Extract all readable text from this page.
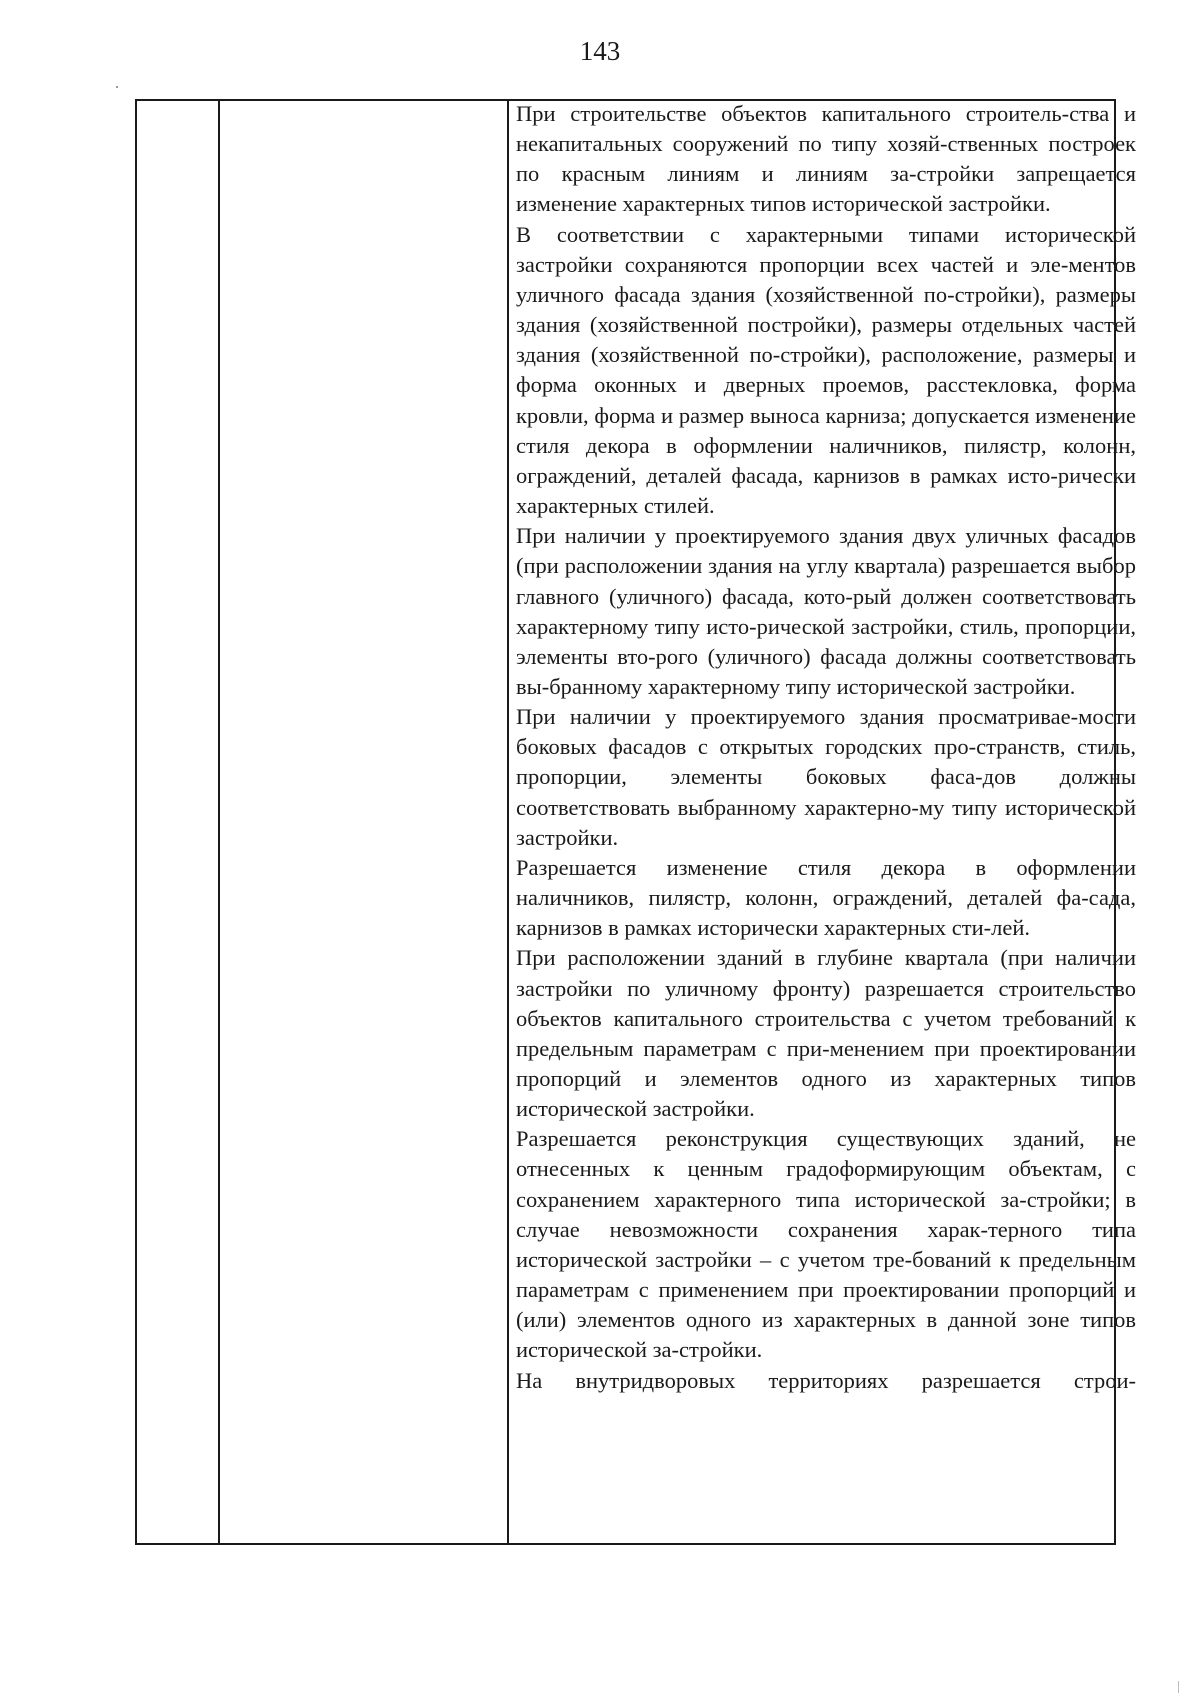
143

При строительстве объектов капитального строитель-ства и некапитальных сооружений по типу хозяй-ственных построек по красным линиям и линиям за-стройки запрещается изменение характерных типов исторической застройки.

В соответствии с характерными типами исторической застройки сохраняются пропорции всех частей и эле-ментов уличного фасада здания (хозяйственной по-стройки), размеры здания (хозяйственной постройки), размеры отдельных частей здания (хозяйственной по-стройки), расположение, размеры и форма оконных и дверных проемов, расстекловка, форма кровли, форма и размер выноса карниза; допускается изменение стиля декора в оформлении наличников, пилястр, колонн, ограждений, деталей фасада, карнизов в рамках исто-рически характерных стилей.

При наличии у проектируемого здания двух уличных фасадов (при расположении здания на углу квартала) разрешается выбор главного (уличного) фасада, кото-рый должен соответствовать характерному типу исто-рической застройки, стиль, пропорции, элементы вто-рого (уличного) фасада должны соответствовать вы-бранному характерному типу исторической застройки.

При наличии у проектируемого здания просматривае-мости боковых фасадов с открытых городских про-странств, стиль, пропорции, элементы боковых фаса-дов должны соответствовать выбранному характерно-му типу исторической застройки.

Разрешается изменение стиля декора в оформлении наличников, пилястр, колонн, ограждений, деталей фа-сада, карнизов в рамках исторически характерных сти-лей.

При расположении зданий в глубине квартала (при наличии застройки по уличному фронту) разрешается строительство объектов капитального строительства с учетом требований к предельным параметрам с при-менением при проектировании пропорций и элементов одного из характерных типов исторической застройки.

Разрешается реконструкция существующих зданий, не отнесенных к ценным градоформирующим объектам, с сохранением характерного типа исторической за-стройки; в случае невозможности сохранения харак-терного типа исторической застройки – с учетом тре-бований к предельным параметрам с применением при проектировании пропорций и (или) элементов одного из характерных в данной зоне типов исторической за-стройки.

На внутридворовых территориях разрешается строи-
